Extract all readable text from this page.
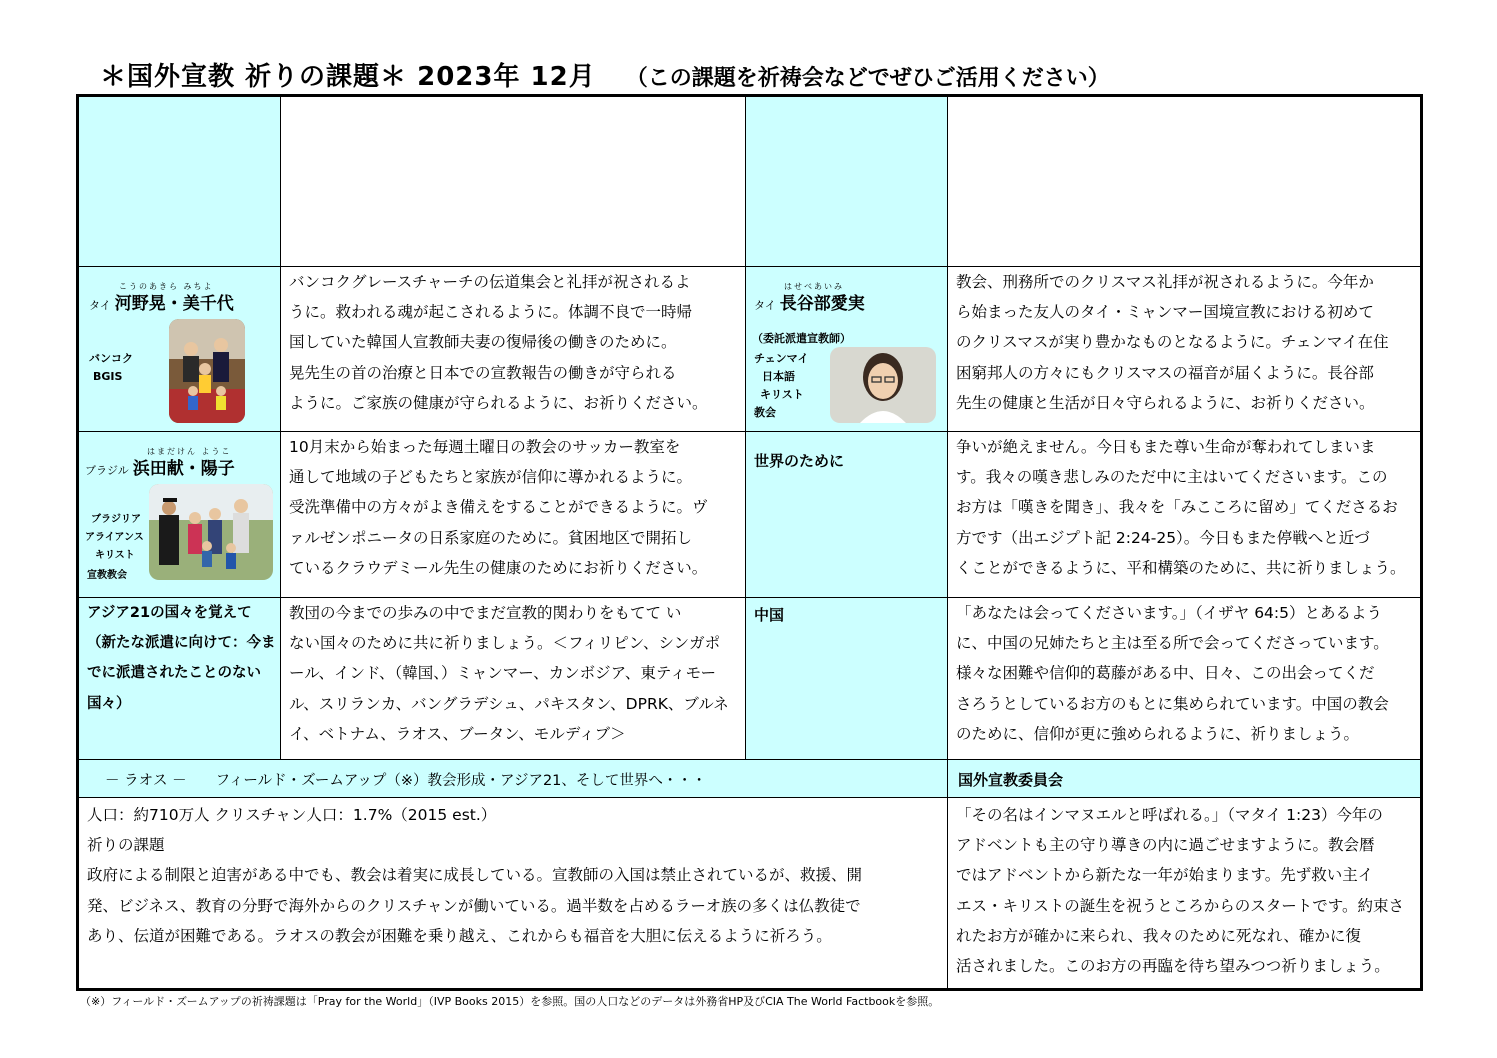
＊国外宣教 祈りの課題＊ 2023年 12月 （この課題を祈祷会などでぜひご活用ください）
こうのあきら みちよ
タイ 河野晃・美千代
バンコク
BGIS
バンコクグレースチャーチの伝道集会と礼拝が祝されるよ
うに。救われる魂が起こされるように。体調不良で一時帰
国していた韓国人宣教師夫妻の復帰後の働きのために。
晃先生の首の治療と日本での宣教報告の働きが守られる
ように。ご家族の健康が守られるように、お祈りください。
はせべあいみ
タイ 長谷部愛実
（委託派遣宣教師）
チェンマイ
日本語
キリスト
教会
教会、刑務所でのクリスマス礼拝が祝されるように。今年か
ら始まった友人のタイ・ミャンマー国境宣教における初めて
のクリスマスが実り豊かなものとなるように。チェンマイ在住
困窮邦人の方々にもクリスマスの福音が届くように。長谷部
先生の健康と生活が日々守られるように、お祈りください。
はまだけん ようこ
ブラジル 浜田献・陽子
ブラジリア
アライアンス
キリスト
宣教教会
10月末から始まった毎週土曜日の教会のサッカー教室を
通して地域の子どもたちと家族が信仰に導かれるように。
受洗準備中の方々がよき備えをすることができるように。ヴ
ァルゼンポニータの日系家庭のために。貧困地区で開拓し
ているクラウデミール先生の健康のためにお祈りください。
世界のために
争いが絶えません。今日もまた尊い生命が奪われてしまいま
す。我々の嘆き悲しみのただ中に主はいてくださいます。この
お方は「嘆きを聞き」、我々を「みこころに留め」てくださるお
方です（出エジプト記 2:24-25）。今日もまた停戦へと近づ
くことができるように、平和構築のために、共に祈りましょう。
アジア21の国々を覚えて
（新たな派遣に向けて：今ま
でに派遣されたことのない
国々）
教団の今までの歩みの中でまだ宣教的関わりをもてて い
ない国々のために共に祈りましょう。＜フィリピン、シンガポ
ール、インド、（韓国、）ミャンマー、カンボジア、東ティモー
ル、スリランカ、バングラデシュ、パキスタン、DPRK、ブルネ
イ、ベトナム、ラオス、ブータン、モルディブ＞
中国	「あなたは会ってくださいます。」（イザヤ 64:5）とあるよう
に、中国の兄姉たちと主は至る所で会ってくださっています。
様々な困難や信仰的葛藤がある中、日々、この出会ってくだ
さろうとしているお方のもとに集められています。中国の教会
のために、信仰が更に強められるように、祈りましょう。
－ ラオス －　　フィールド・ズームアップ（※）教会形成・アジア21、そして世界へ・・・	国外宣教委員会
人口：約710万人 クリスチャン人口：1.7%（2015 est.）
祈りの課題
政府による制限と迫害がある中でも、教会は着実に成長している。宣教師の入国は禁止されているが、救援、開
発、ビジネス、教育の分野で海外からのクリスチャンが働いている。過半数を占めるラーオ族の多くは仏教徒で
あり、伝道が困難である。ラオスの教会が困難を乗り越え、これからも福音を大胆に伝えるように祈ろう。
「その名はインマヌエルと呼ばれる。」（マタイ 1:23）今年の
アドベントも主の守り導きの内に過ごせますように。教会暦
ではアドベントから新たな一年が始まります。先ず救い主イ
エス・キリストの誕生を祝うところからのスタートです。約束さ
れたお方が確かに来られ、我々のために死なれ、確かに復
活されました。このお方の再臨を待ち望みつつ祈りましょう。
（※）フィールド・ズームアップの祈祷課題は「Pray for the World」（IVP Books 2015）を参照。国の人口などのデータは外務省HP及びCIA The World Factbookを参照。
